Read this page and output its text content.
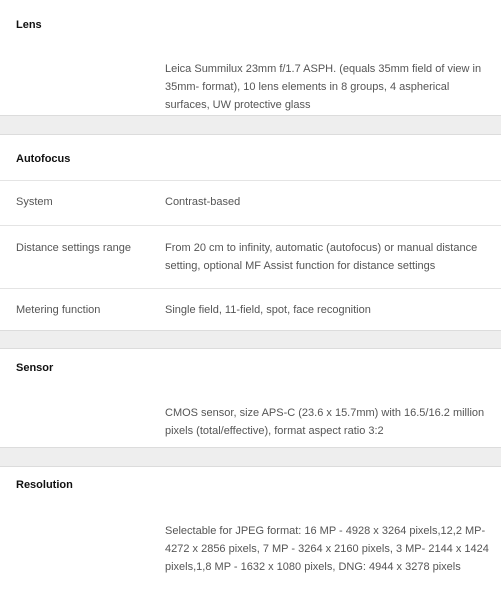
Lens
Leica Summilux 23mm f/1.7 ASPH. (equals 35mm field of view in 35mm- format), 10 lens elements in 8 groups, 4 aspherical surfaces, UW protective glass
Autofocus
System	Contrast-based
Distance settings range	From 20 cm to infinity, automatic (autofocus) or manual distance setting, optional MF Assist function for distance settings
Metering function	Single field, 11-field, spot, face recognition
Sensor
CMOS sensor, size APS-C (23.6 x 15.7mm) with 16.5/16.2 million pixels (total/effective), format aspect ratio 3:2
Resolution
Selectable for JPEG format: 16 MP - 4928 x 3264 pixels,12,2 MP- 4272 x 2856 pixels, 7 MP - 3264 x 2160 pixels, 3 MP- 2144 x 1424 pixels,1,8 MP - 1632 x 1080 pixels, DNG: 4944 x 3278 pixels
